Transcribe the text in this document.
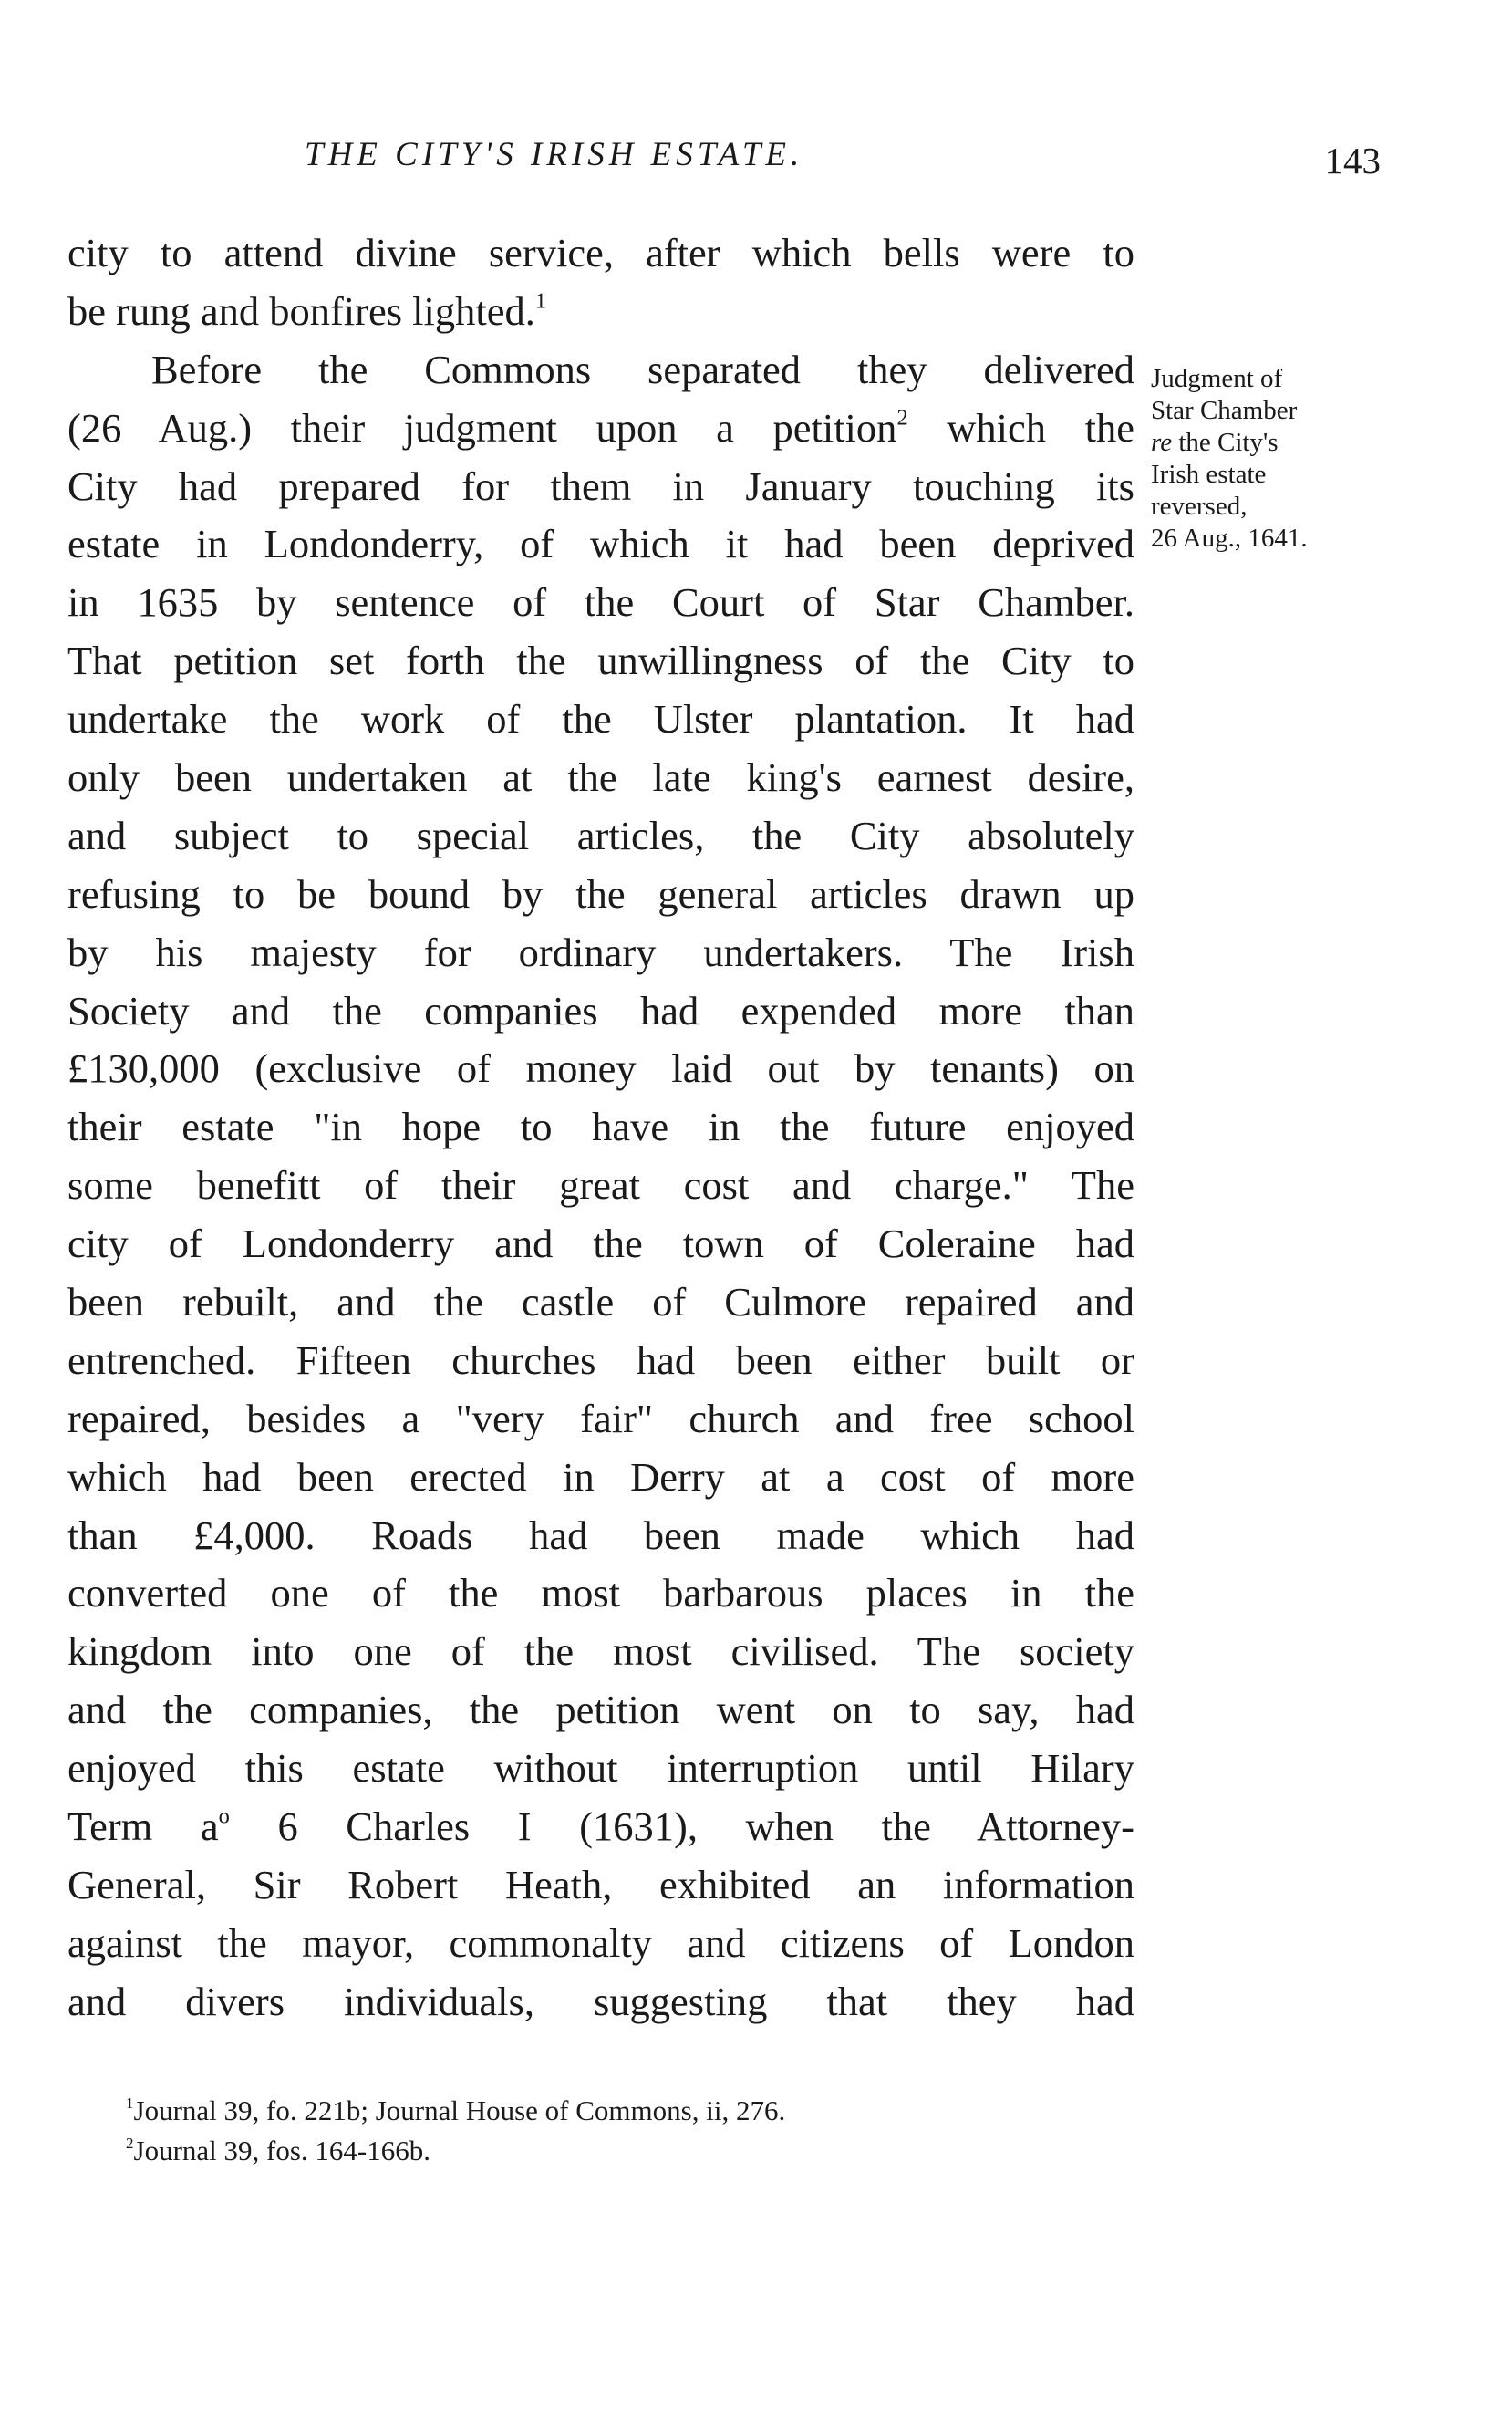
THE CITY'S IRISH ESTATE.	143
Judgment of
Star Chamber
re the City's
Irish estate
reversed,
26 Aug., 1641.
city to attend divine service, after which bells were to
be rung and bonfires lighted.$^1$
Before the Commons separated they delivered
(26 Aug.) their judgment upon a petition$^2$ which the
City had prepared for them in January touching its
estate in Londonderry, of which it had been deprived
in 1635 by sentence of the Court of Star Chamber.
That petition set forth the unwillingness of the City to
undertake the work of the Ulster plantation. It had
only been undertaken at the late king's earnest desire,
and subject to special articles, the City absolutely
refusing to be bound by the general articles drawn up
by his majesty for ordinary undertakers. The Irish
Society and the companies had expended more than
£130,000 (exclusive of money laid out by tenants) on
their estate "in hope to have in the future enjoyed
some benefitt of their great cost and charge." The
city of Londonderry and the town of Coleraine had
been rebuilt, and the castle of Culmore repaired and
entrenched. Fifteen churches had been either built or
repaired, besides a "very fair" church and free school
which had been erected in Derry at a cost of more
than £4,000. Roads had been made which had
converted one of the most barbarous places in the
kingdom into one of the most civilised. The society
and the companies, the petition went on to say, had
enjoyed this estate without interruption until Hilary
Term $a^o$ 6 Charles I (1631), when the Attorney-
General, Sir Robert Heath, exhibited an information
against the mayor, commonalty and citizens of London
and divers individuals, suggesting that they had
$^1$Journal 39, fo. 221b; Journal House of Commons, ii, 276.
$^2$Journal 39, fos. 164-166b.
